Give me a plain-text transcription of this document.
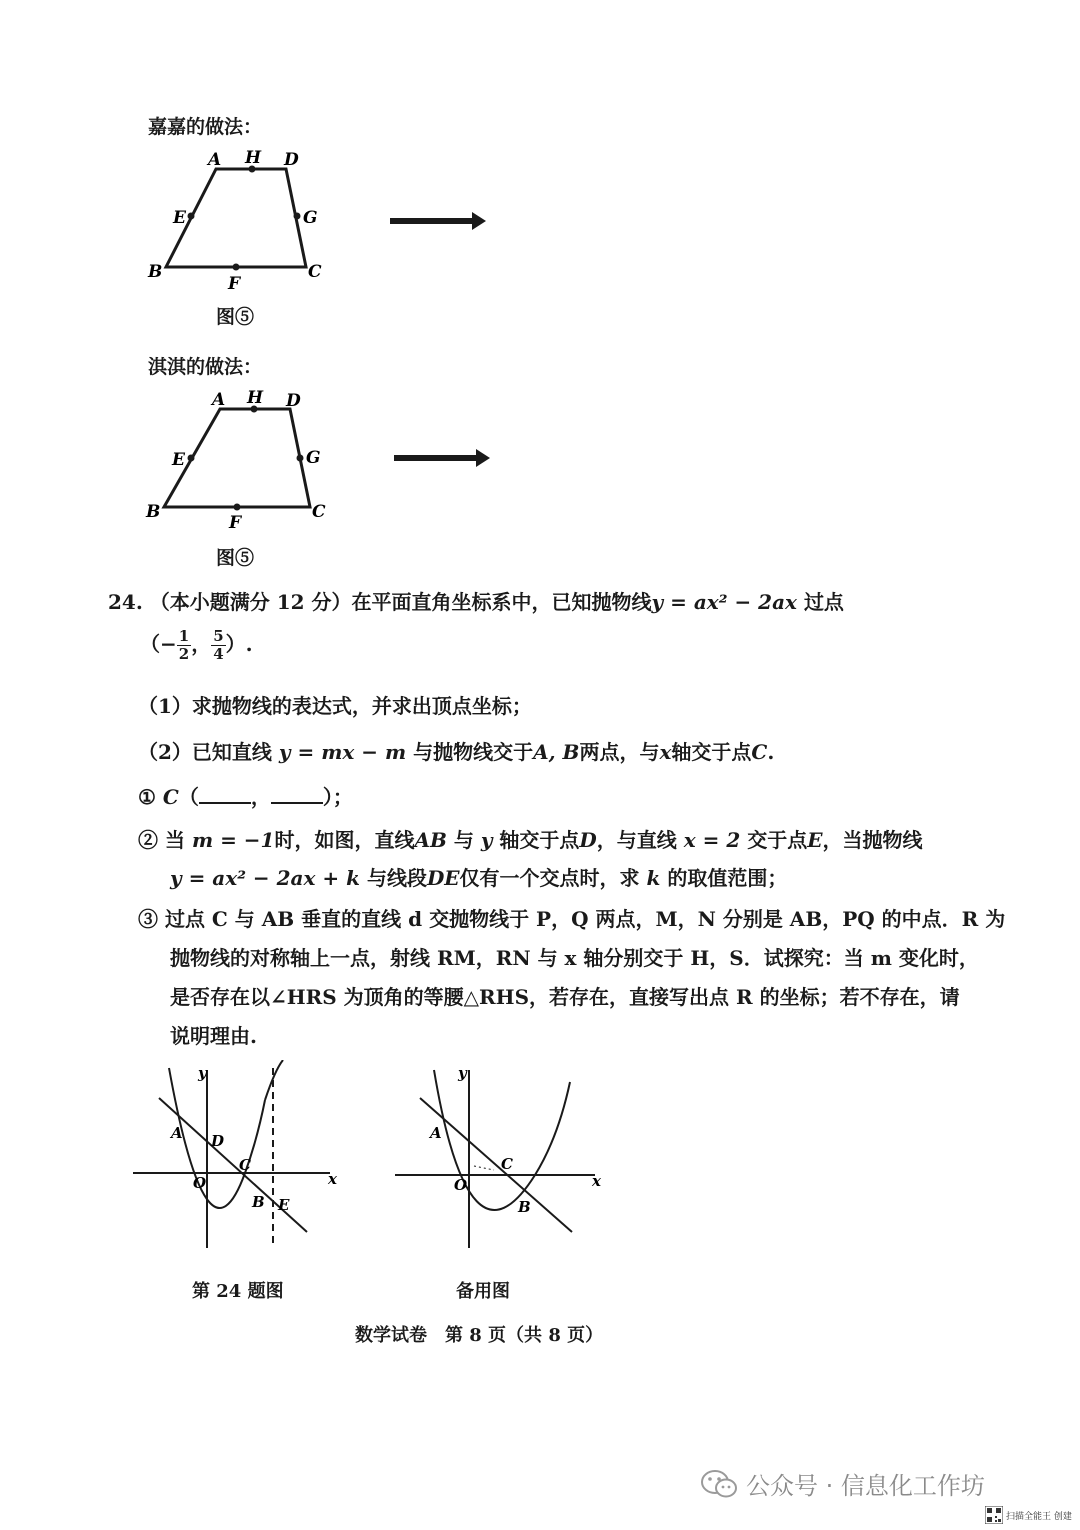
嘉嘉的做法：
A H D
E	G
B
F
C
图⑤
淇淇的做法：
A H D
E	G
B
F
C
图⑤
24. （本小题满分 12 分）在平面直角坐标系中，已知抛物线y = ax² − 2ax 过点
（− $\frac{1}{2}$ ， $\frac{5}{4}$ ）.
（1）求抛物线的表达式，并求出顶点坐标；
（2）已知直线 y = mx − m 与抛物线交于A, B两点，与x轴交于点C.
① C（	，	）；
② 当 m = −1时，如图，直线AB 与 y 轴交于点D，与直线 x = 2 交于点E，当抛物线
y = ax² − 2ax + k 与线段DE仅有一个交点时，求 k 的取值范围；
③ 过点 C 与 AB 垂直的直线 d 交抛物线于 P，Q 两点，M，N 分别是 AB，PQ 的中点．R 为
抛物线的对称轴上一点，射线 RM，RN 与 x 轴分别交于 H，S．试探究：当 m 变化时，
是否存在以∠HRS 为顶角的等腰△RHS，若存在，直接写出点 R 的坐标；若不存在，请
说明理由.
y
x
A D
C
O
B E
第 24 题图
y
x
A
C
O
B
备用图
数学试卷　第 8 页（共 8 页）
公众号 · 信息化工作坊
扫描全能王 创建
